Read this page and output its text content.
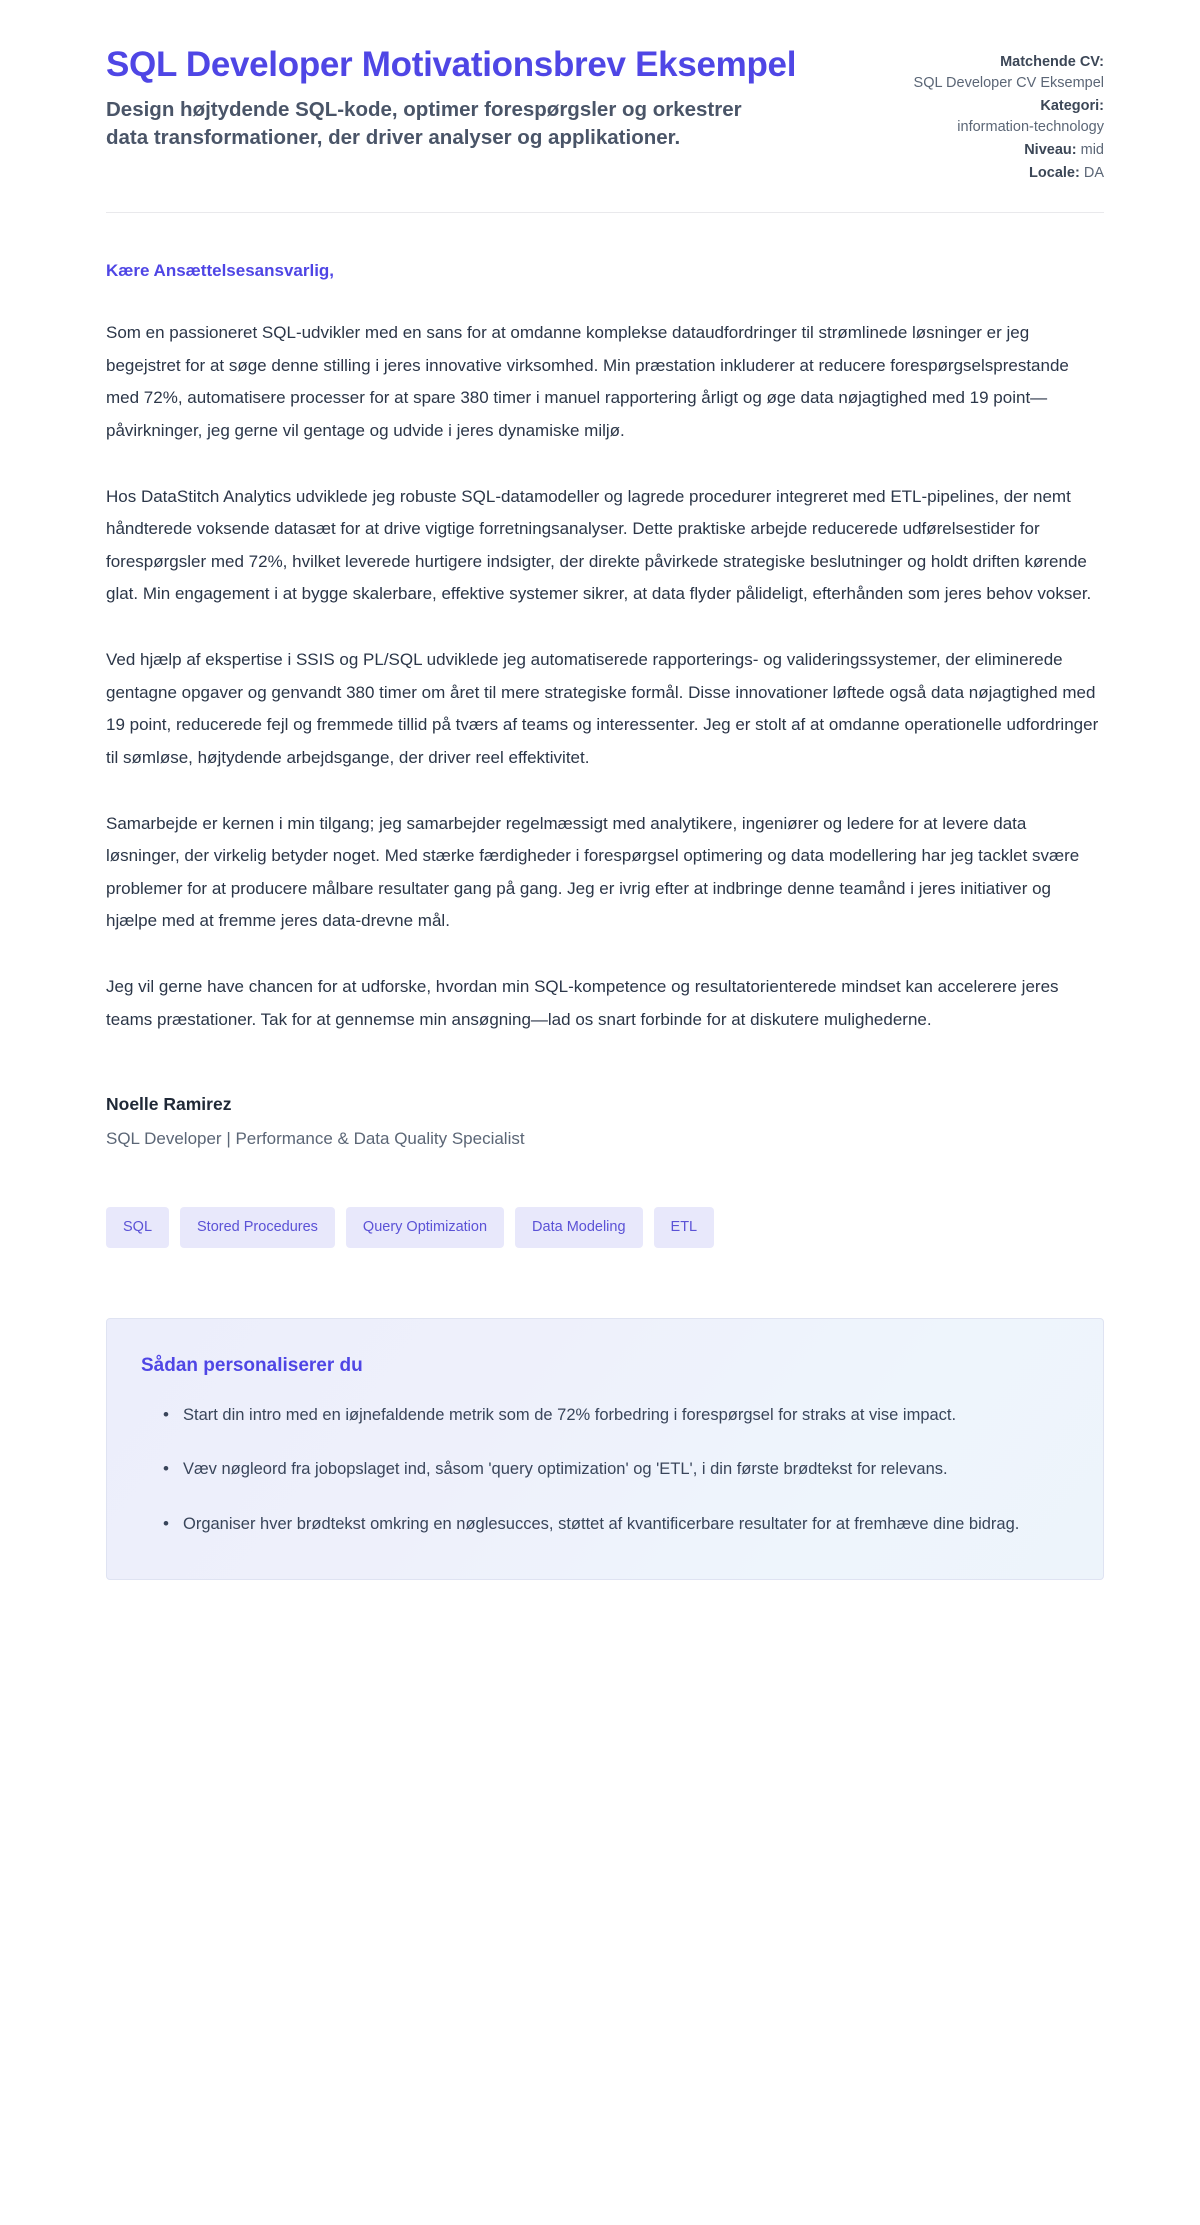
SQL Developer Motivationsbrev Eksempel

Design højtydende SQL-kode, optimer forespørgsler og orkestrer data transformationer, der driver analyser og applikationer.

Matchende CV:
SQL Developer CV Eksempel
Kategori:
information-technology
Niveau: mid
Locale: DA

Kære Ansættelsesansvarlig,

Som en passioneret SQL-udvikler med en sans for at omdanne komplekse dataudfordringer til strømlinede løsninger er jeg begejstret for at søge denne stilling i jeres innovative virksomhed. Min præstation inkluderer at reducere forespørgselsprestande med 72%, automatisere processer for at spare 380 timer i manuel rapportering årligt og øge data nøjagtighed med 19 point—påvirkninger, jeg gerne vil gentage og udvide i jeres dynamiske miljø.

Hos DataStitch Analytics udviklede jeg robuste SQL-datamodeller og lagrede procedurer integreret med ETL-pipelines, der nemt håndterede voksende datasæt for at drive vigtige forretningsanalyser. Dette praktiske arbejde reducerede udførelsestider for forespørgsler med 72%, hvilket leverede hurtigere indsigter, der direkte påvirkede strategiske beslutninger og holdt driften kørende glat. Min engagement i at bygge skalerbare, effektive systemer sikrer, at data flyder pålideligt, efterhånden som jeres behov vokser.

Ved hjælp af ekspertise i SSIS og PL/SQL udviklede jeg automatiserede rapporterings- og valideringssystemer, der eliminerede gentagne opgaver og genvandt 380 timer om året til mere strategiske formål. Disse innovationer løftede også data nøjagtighed med 19 point, reducerede fejl og fremmede tillid på tværs af teams og interessenter. Jeg er stolt af at omdanne operationelle udfordringer til sømløse, højtydende arbejdsgange, der driver reel effektivitet.

Samarbejde er kernen i min tilgang; jeg samarbejder regelmæssigt med analytikere, ingeniører og ledere for at levere data løsninger, der virkelig betyder noget. Med stærke færdigheder i forespørgsel optimering og data modellering har jeg tacklet svære problemer for at producere målbare resultater gang på gang. Jeg er ivrig efter at indbringe denne teamånd i jeres initiativer og hjælpe med at fremme jeres data-drevne mål.

Jeg vil gerne have chancen for at udforske, hvordan min SQL-kompetence og resultatorienterede mindset kan accelerere jeres teams præstationer. Tak for at gennemse min ansøgning—lad os snart forbinde for at diskutere mulighederne.

Noelle Ramirez

SQL Developer | Performance & Data Quality Specialist

SQL	Stored Procedures	Query Optimization	Data Modeling	ETL
Sådan personaliserer du
• Start din intro med en iøjnefaldende metrik som de 72% forbedring i forespørgsel for straks at vise impact.
• Væv nøgleord fra jobopslaget ind, såsom 'query optimization' og 'ETL', i din første brødtekst for relevans.
• Organiser hver brødtekst omkring en nøglesucces, støttet af kvantificerbare resultater for at fremhæve dine bidrag.
